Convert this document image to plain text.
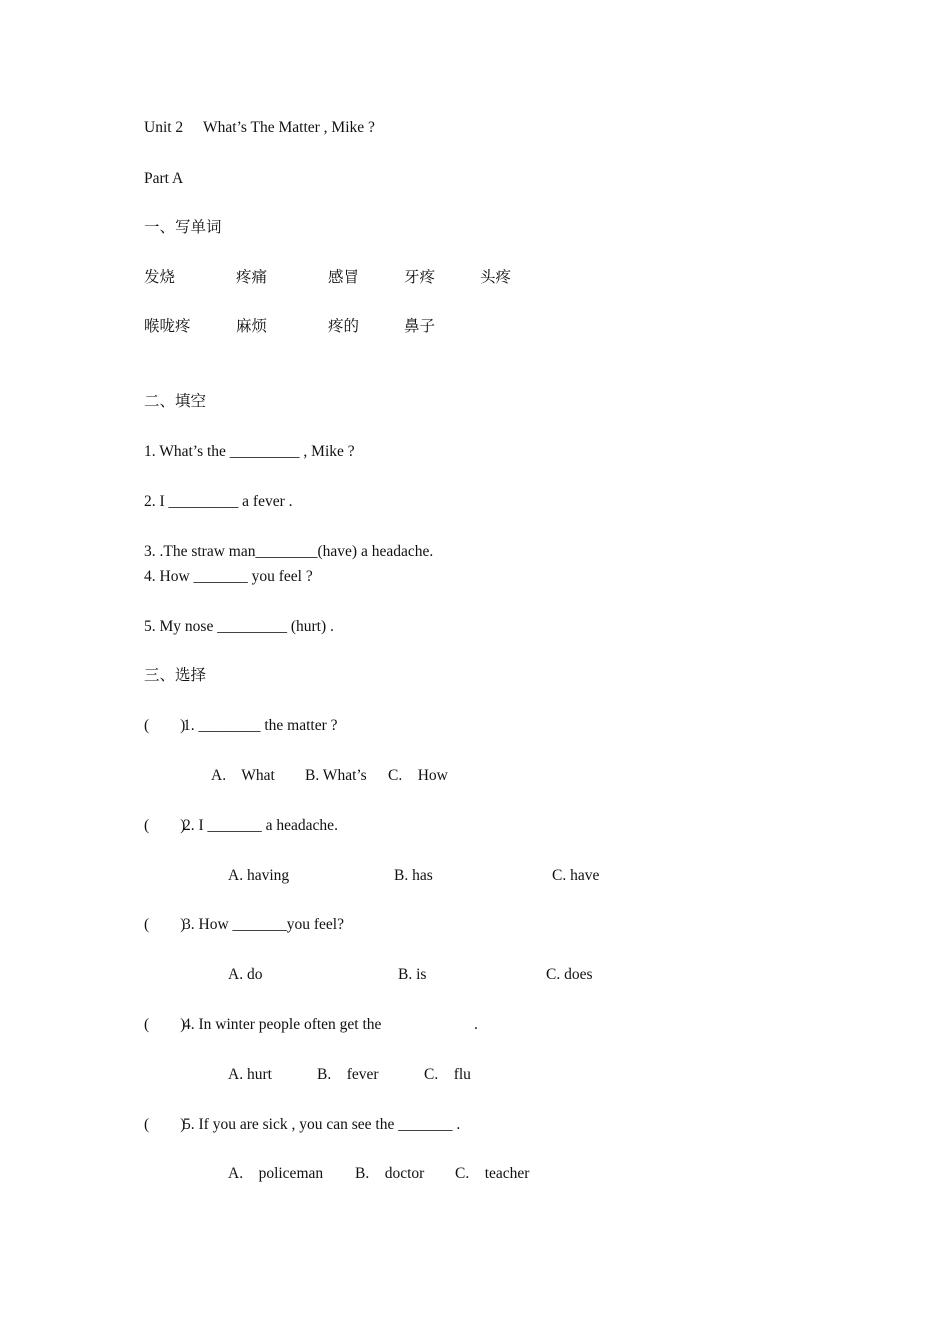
Unit 2 What’s The Matter , Mike ?
Part A
一、写单词
发烧	疼痛	感冒	牙疼	头疼
喉咙疼	麻烦	疼的	鼻子
二、填空
1. What’s the _________ , Mike ?
2. I _________ a fever .
3. .The straw man________(have) a headache.
4. How _______ you feel ?
5. My nose _________ (hurt) .
三、选择
(        )
1. ________ the matter ?
A.    What B. What’s C.    How
(        )
2. I _______ a headache.
A. having	B. has	C. have
(        )
3. How _______you feel?
A. do	B. is	C. does
(        )
4. In winter people often get the	.
A. hurt	B.    fever	C.    flu
(        )
5. If you are sick , you can see the _______ .
A.    policeman B.    doctor C.    teacher
